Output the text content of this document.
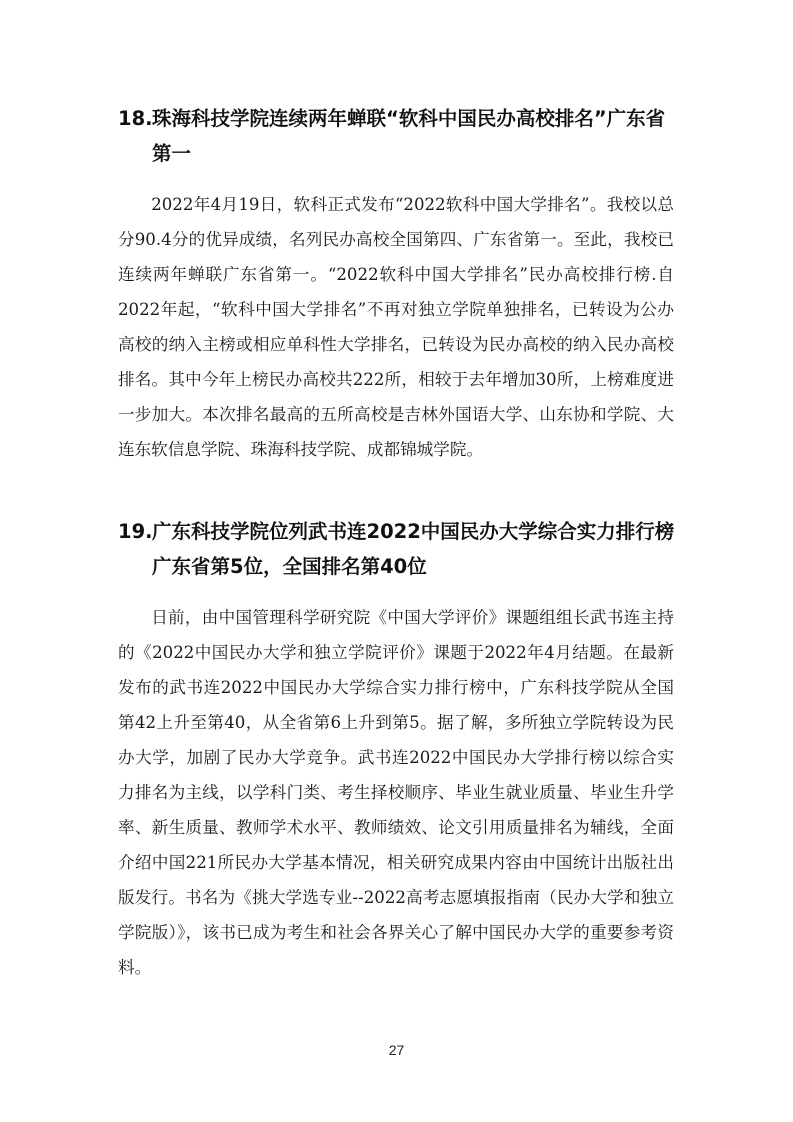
18. 珠海科技学院连续两年蝉联“软科中国民办高校排名”广东省第一

2022年4月19日，软科正式发布“2022软科中国大学排名”。我校以总分90.4分的优异成绩，名列民办高校全国第四、广东省第一。至此，我校已连续两年蝉联广东省第一。“2022软科中国大学排名”民办高校排行榜.自2022年起，“软科中国大学排名”不再对独立学院单独排名，已转设为公办高校的纳入主榜或相应单科性大学排名，已转设为民办高校的纳入民办高校排名。其中今年上榜民办高校共222所，相较于去年增加30所，上榜难度进一步加大。本次排名最高的五所高校是吉林外国语大学、山东协和学院、大连东软信息学院、珠海科技学院、成都锦城学院。

19. 广东科技学院位列武书连2022中国民办大学综合实力排行榜广东省第5位，全国排名第40位

日前，由中国管理科学研究院《中国大学评价》课题组组长武书连主持的《2022中国民办大学和独立学院评价》课题于2022年4月结题。在最新发布的武书连2022中国民办大学综合实力排行榜中，广东科技学院从全国第42上升至第40，从全省第6上升到第5。据了解，多所独立学院转设为民办大学，加剧了民办大学竞争。武书连2022中国民办大学排行榜以综合实力排名为主线，以学科门类、考生择校顺序、毕业生就业质量、毕业生升学率、新生质量、教师学术水平、教师绩效、论文引用质量排名为辅线，全面介绍中国221所民办大学基本情况，相关研究成果内容由中国统计出版社出版发行。书名为《挑大学选专业--2022高考志愿填报指南（民办大学和独立学院版）》，该书已成为考生和社会各界关心了解中国民办大学的重要参考资料。

27
